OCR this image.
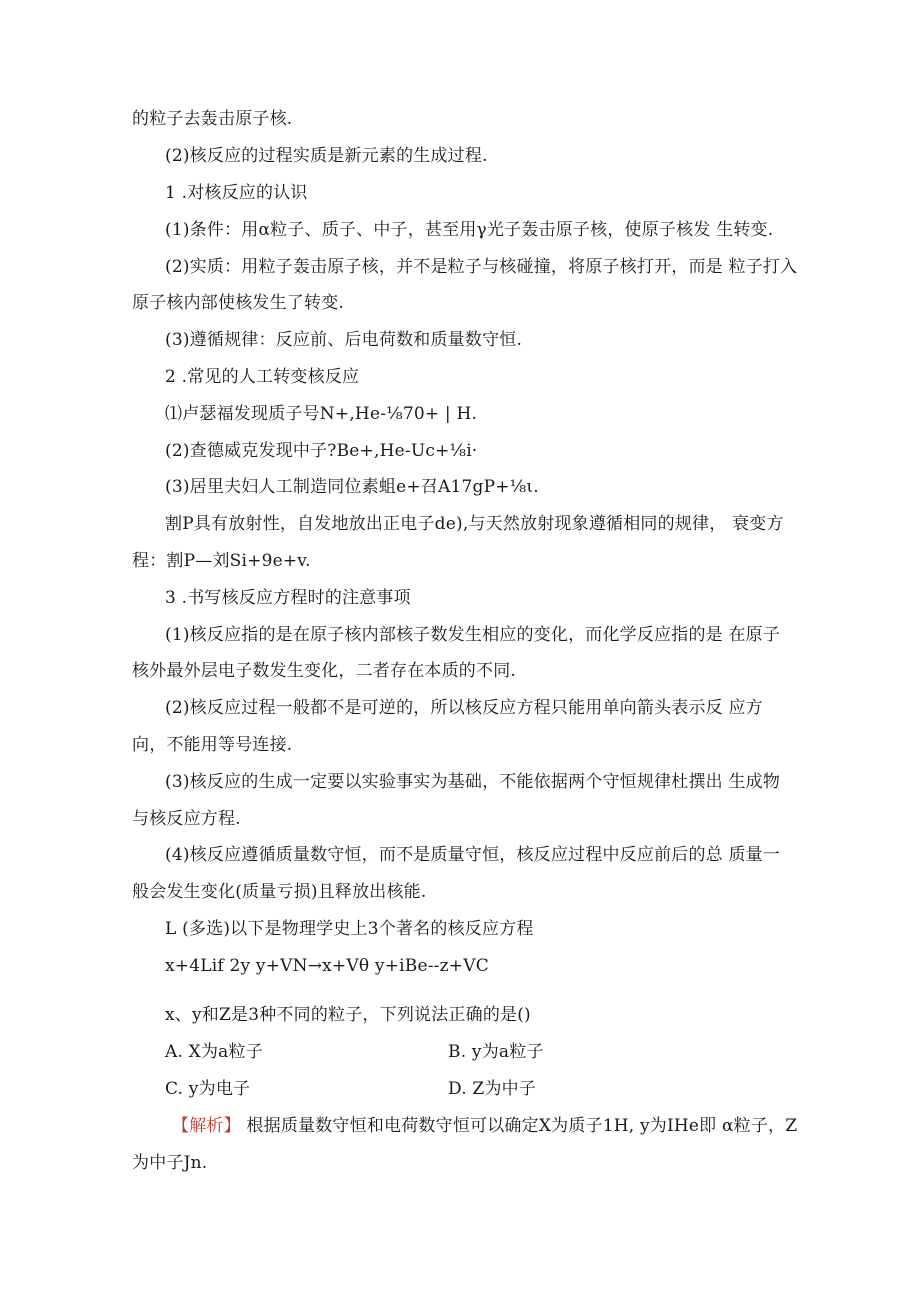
的粒子去轰击原子核.
(2)核反应的过程实质是新元素的生成过程.
1 .对核反应的认识
(1)条件：用α粒子、质子、中子，甚至用γ光子轰击原子核，使原子核发 生转变.
(2)实质：用粒子轰击原子核，并不是粒子与核碰撞，将原子核打开，而是 粒子打入
原子核内部使核发生了转变.
(3)遵循规律：反应前、后电荷数和质量数守恒.
2 .常见的人工转变核反应
⑴卢瑟福发现质子号N+,He-⅛70+ | H.
(2)查德威克发现中子?Be+,He-Uc+⅛i·
(3)居里夫妇人工制造同位素蛆e+召A17gP+⅛ι.
割P具有放射性，自发地放出正电子de),与天然放射现象遵循相同的规律， 衰变方
程：割P—刘Si+9e+v.
3 .书写核反应方程时的注意事项
(1)核反应指的是在原子核内部核子数发生相应的变化，而化学反应指的是 在原子
核外最外层电子数发生变化，二者存在本质的不同.
(2)核反应过程一般都不是可逆的，所以核反应方程只能用单向箭头表示反 应方
向，不能用等号连接.
(3)核反应的生成一定要以实验事实为基础，不能依据两个守恒规律杜撰出 生成物
与核反应方程.
(4)核反应遵循质量数守恒，而不是质量守恒，核反应过程中反应前后的总 质量一
般会发生变化(质量亏损)且释放出核能.
L (多选)以下是物理学史上3个著名的核反应方程
x+4Lif 2y y+VN→x+Vθ y+iBe--z+VC
x、y和Z是3种不同的粒子，下列说法正确的是()
A. X为a粒子	B. y为a粒子
C. y为电子	D. Z为中子
【解析】 根据质量数守恒和电荷数守恒可以确定X为质子1H, y为IHe即 α粒子，Z
为中子Jn.
